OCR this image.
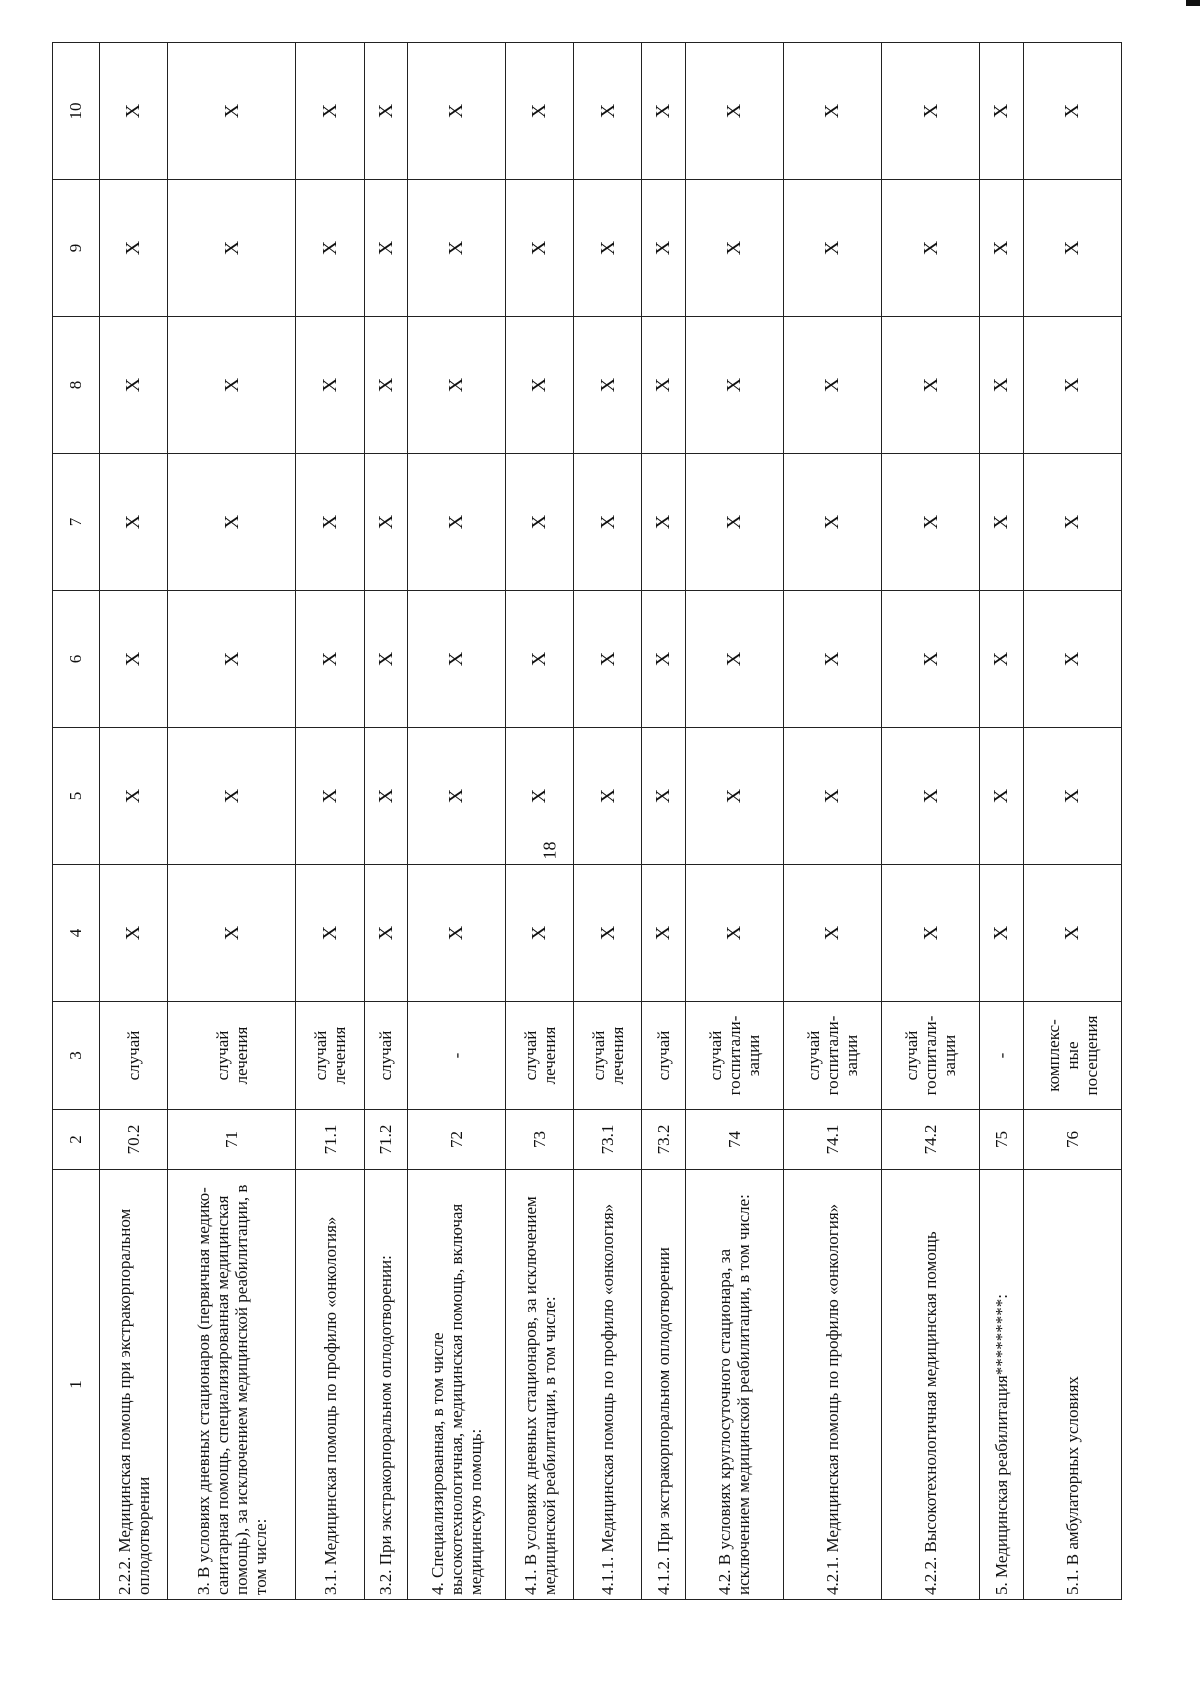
18
1	2	3	4	5	6	7	8	9	10
2.2.2. Медицинская помощь при экстракорпоральном оплодотворении	70.2	случай	X	X	X	X	X	X	X
3. В условиях дневных стационаров (первичная медико-санитарная помощь, специализированная медицинская помощь), за исключением медицинской реабилитации, в том числе:	71	случай лечения	X	X	X	X	X	X	X
3.1. Медицинская помощь по профилю «онкология»	71.1	случай лечения	X	X	X	X	X	X	X
3.2. При экстракорпоральном оплодотворении:	71.2	случай	X	X	X	X	X	X	X
4. Специализированная, в том числе высокотехнологичная, медицинская помощь, включая медицинскую помощь:	72	-	X	X	X	X	X	X	X
4.1. В условиях дневных стационаров, за исключением медицинской реабилитации, в том числе:	73	случай лечения	X	X	X	X	X	X	X
4.1.1. Медицинская помощь по профилю «онкология»	73.1	случай лечения	X	X	X	X	X	X	X
4.1.2. При экстракорпоральном оплодотворении	73.2	случай	X	X	X	X	X	X	X
4.2. В условиях круглосуточного стационара, за исключением медицинской реабилитации, в том числе:	74	случай госпитали-зации	X	X	X	X	X	X	X
4.2.1. Медицинская помощь по профилю «онкология»	74.1	случай госпитали-зации	X	X	X	X	X	X	X
4.2.2. Высокотехнологичная медицинская помощь	74.2	случай госпитали-зации	X	X	X	X	X	X	X
5. Медицинская реабилитация*********:	75	-	X	X	X	X	X	X	X
5.1. В амбулаторных условиях	76	комплекс-ные посещения	X	X	X	X	X	X	X
